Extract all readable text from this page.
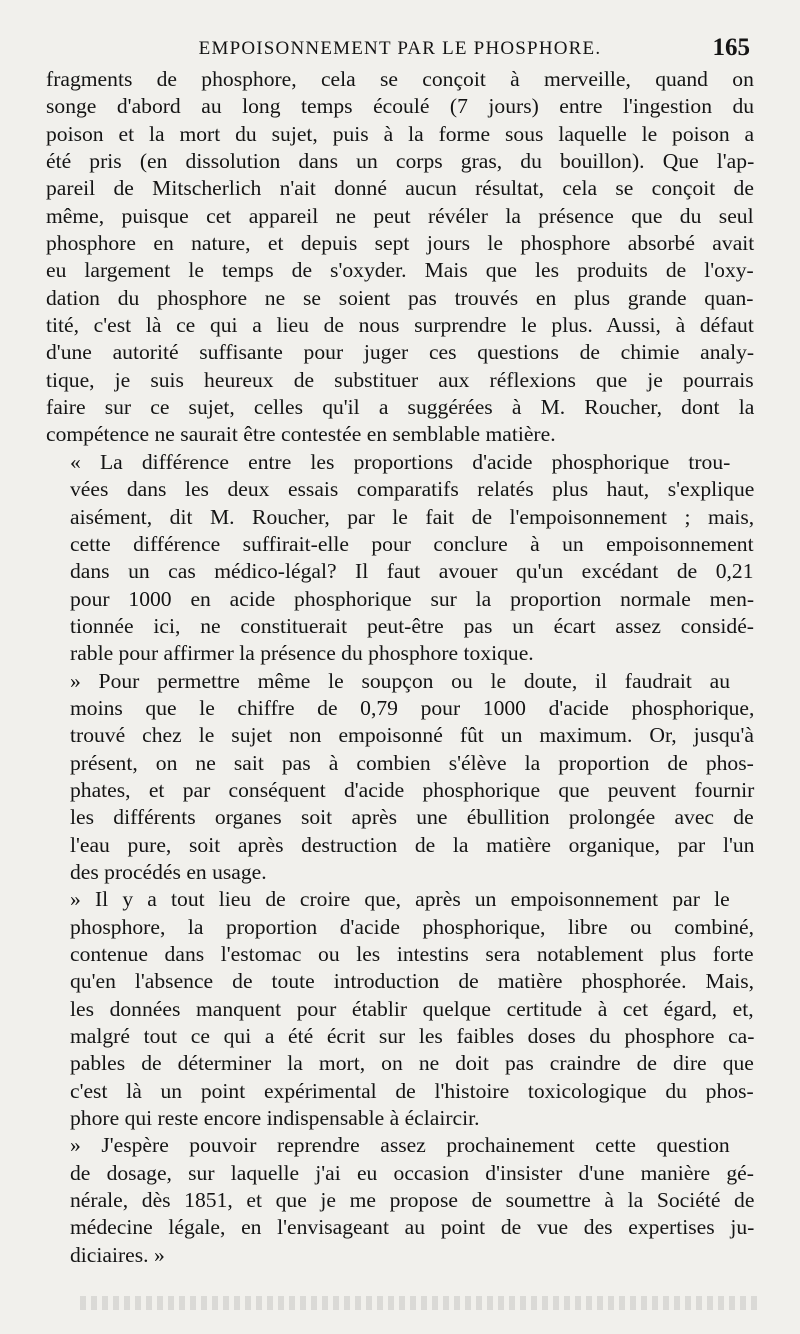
EMPOISONNEMENT PAR LE PHOSPHORE.	165

fragments de phosphore, cela se conçoit à merveille, quand on
songe d'abord au long temps écoulé (7 jours) entre l'ingestion du
poison et la mort du sujet, puis à la forme sous laquelle le poison a
été pris (en dissolution dans un corps gras, du bouillon). Que l'ap-
pareil de Mitscherlich n'ait donné aucun résultat, cela se conçoit de
même, puisque cet appareil ne peut révéler la présence que du seul
phosphore en nature, et depuis sept jours le phosphore absorbé avait
eu largement le temps de s'oxyder. Mais que les produits de l'oxy-
dation du phosphore ne se soient pas trouvés en plus grande quan-
tité, c'est là ce qui a lieu de nous surprendre le plus. Aussi, à défaut
d'une autorité suffisante pour juger ces questions de chimie analy-
tique, je suis heureux de substituer aux réflexions que je pourrais
faire sur ce sujet, celles qu'il a suggérées à M. Roucher, dont la
compétence ne saurait être contestée en semblable matière.

« La différence entre les proportions d'acide phosphorique trou-
vées dans les deux essais comparatifs relatés plus haut, s'explique
aisément, dit M. Roucher, par le fait de l'empoisonnement ; mais,
cette différence suffirait-elle pour conclure à un empoisonnement
dans un cas médico-légal? Il faut avouer qu'un excédant de 0,21
pour 1000 en acide phosphorique sur la proportion normale men-
tionnée ici, ne constituerait peut-être pas un écart assez considé-
rable pour affirmer la présence du phosphore toxique.

» Pour permettre même le soupçon ou le doute, il faudrait au
moins que le chiffre de 0,79 pour 1000 d'acide phosphorique,
trouvé chez le sujet non empoisonné fût un maximum. Or, jusqu'à
présent, on ne sait pas à combien s'élève la proportion de phos-
phates, et par conséquent d'acide phosphorique que peuvent fournir
les différents organes soit après une ébullition prolongée avec de
l'eau pure, soit après destruction de la matière organique, par l'un
des procédés en usage.

» Il y a tout lieu de croire que, après un empoisonnement par le
phosphore, la proportion d'acide phosphorique, libre ou combiné,
contenue dans l'estomac ou les intestins sera notablement plus forte
qu'en l'absence de toute introduction de matière phosphorée. Mais,
les données manquent pour établir quelque certitude à cet égard, et,
malgré tout ce qui a été écrit sur les faibles doses du phosphore ca-
pables de déterminer la mort, on ne doit pas craindre de dire que
c'est là un point expérimental de l'histoire toxicologique du phos-
phore qui reste encore indispensable à éclaircir.

» J'espère pouvoir reprendre assez prochainement cette question
de dosage, sur laquelle j'ai eu occasion d'insister d'une manière gé-
nérale, dès 1851, et que je me propose de soumettre à la Société de
médecine légale, en l'envisageant au point de vue des expertises ju-
diciaires. »
